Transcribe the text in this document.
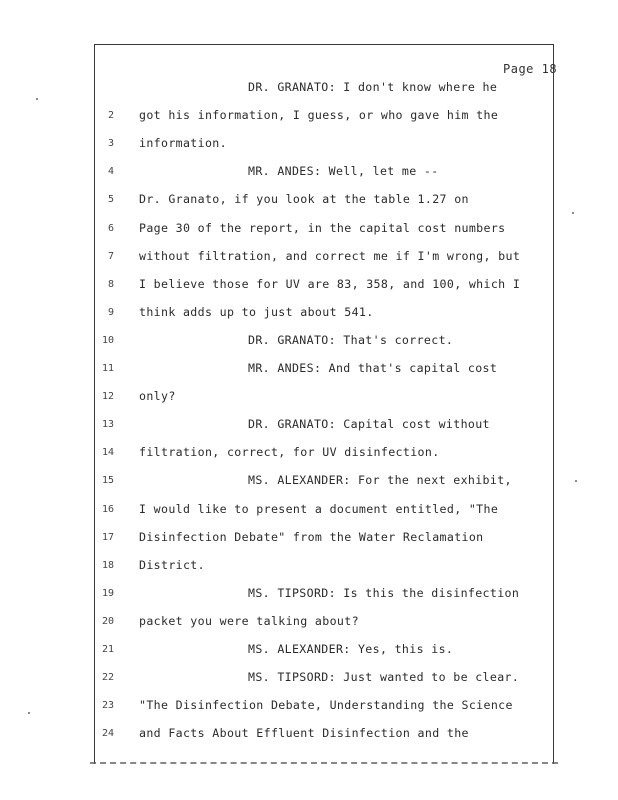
Page 18
DR. GRANATO: I don't know where he
2 got his information, I guess, or who gave him the
3 information.
4	MR. ANDES: Well, let me --
5 Dr. Granato, if you look at the table 1.27 on
6 Page 30 of the report, in the capital cost numbers
7 without filtration, and correct me if I'm wrong, but
8 I believe those for UV are 83, 358, and 100, which I
9 think adds up to just about 541.
10	DR. GRANATO: That's correct.
11	MR. ANDES: And that's capital cost
12 only?
13	DR. GRANATO: Capital cost without
14 filtration, correct, for UV disinfection.
15	MS. ALEXANDER: For the next exhibit,
16 I would like to present a document entitled, "The
17 Disinfection Debate" from the Water Reclamation
18 District.
19	MS. TIPSORD: Is this the disinfection
20 packet you were talking about?
21	MS. ALEXANDER: Yes, this is.
22	MS. TIPSORD: Just wanted to be clear.
23 "The Disinfection Debate, Understanding the Science
24 and Facts About Effluent Disinfection and the
